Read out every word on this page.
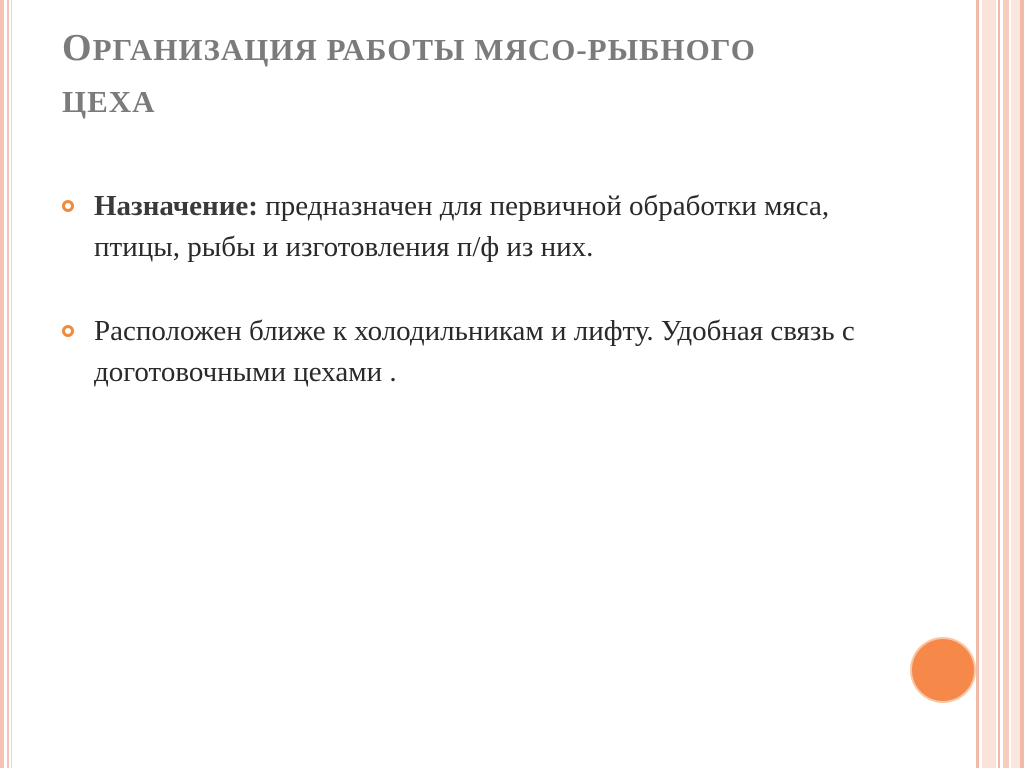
ОРГАНИЗАЦИЯ РАБОТЫ МЯСО-РЫБНОГО
ЦЕХА
Назначение: предназначен для первичной обработки мяса, птицы, рыбы и изготовления п/ф из них.
Расположен ближе к холодильникам и лифту. Удобная связь с доготовочными цехами .
